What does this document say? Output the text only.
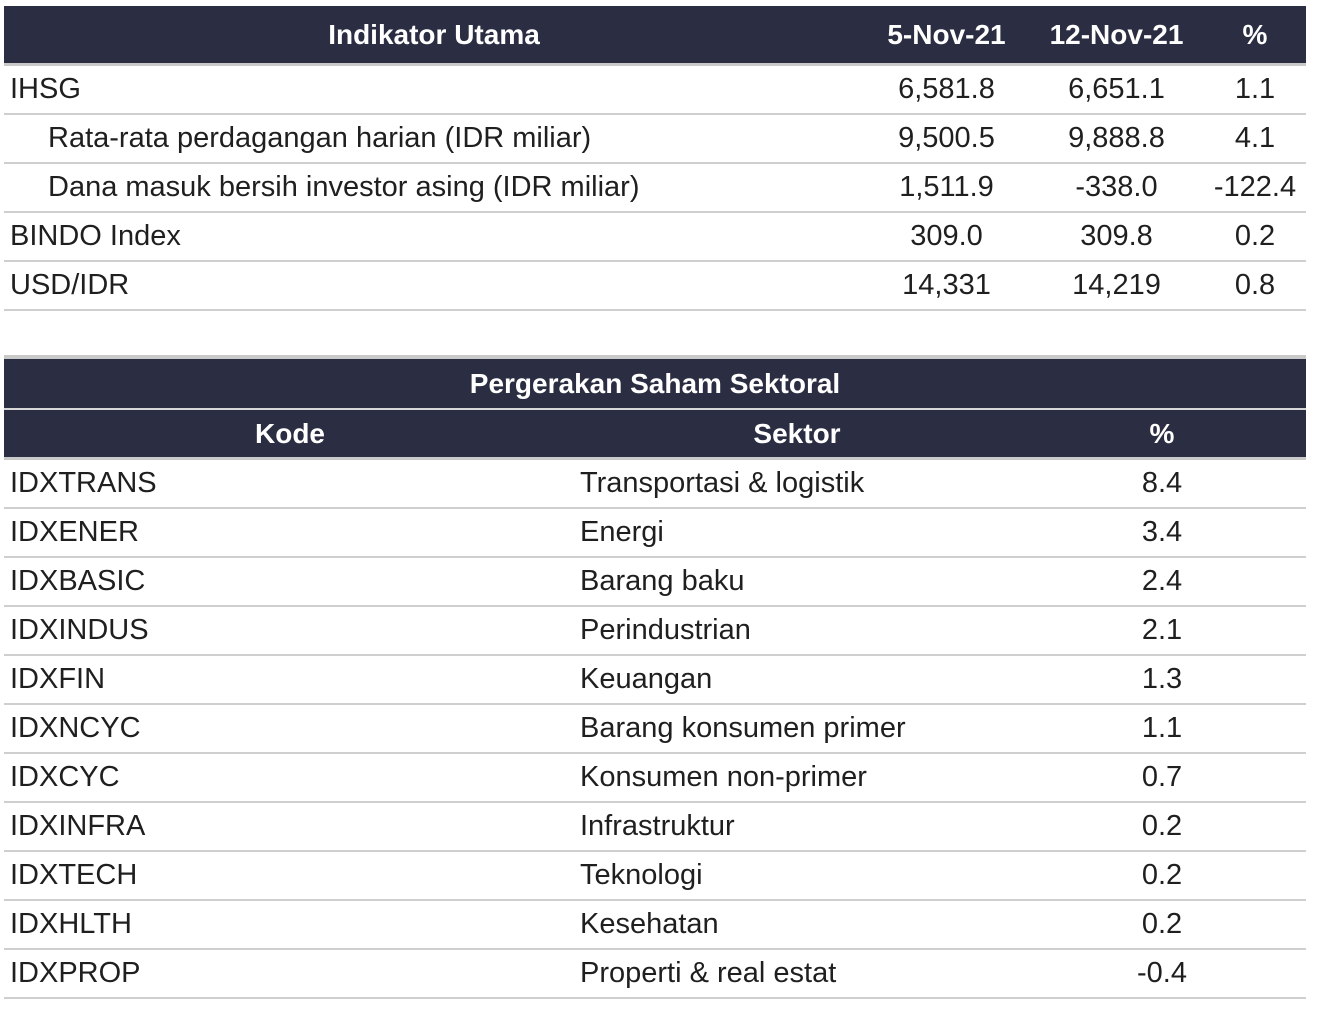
Indikator Utama	5-Nov-21	12-Nov-21	%
IHSG	6,581.8	6,651.1	1.1
Rata-rata perdagangan harian (IDR miliar)	9,500.5	9,888.8	4.1
Dana masuk bersih investor asing (IDR miliar)	1,511.9	-338.0	-122.4
BINDO Index	309.0	309.8	0.2
USD/IDR	14,331	14,219	0.8
Pergerakan Saham Sektoral
Kode	Sektor	%
IDXTRANS	Transportasi & logistik	8.4
IDXENER	Energi	3.4
IDXBASIC	Barang baku	2.4
IDXINDUS	Perindustrian	2.1
IDXFIN	Keuangan	1.3
IDXNCYC	Barang konsumen primer	1.1
IDXCYC	Konsumen non-primer	0.7
IDXINFRA	Infrastruktur	0.2
IDXTECH	Teknologi	0.2
IDXHLTH	Kesehatan	0.2
IDXPROP	Properti & real estat	-0.4
